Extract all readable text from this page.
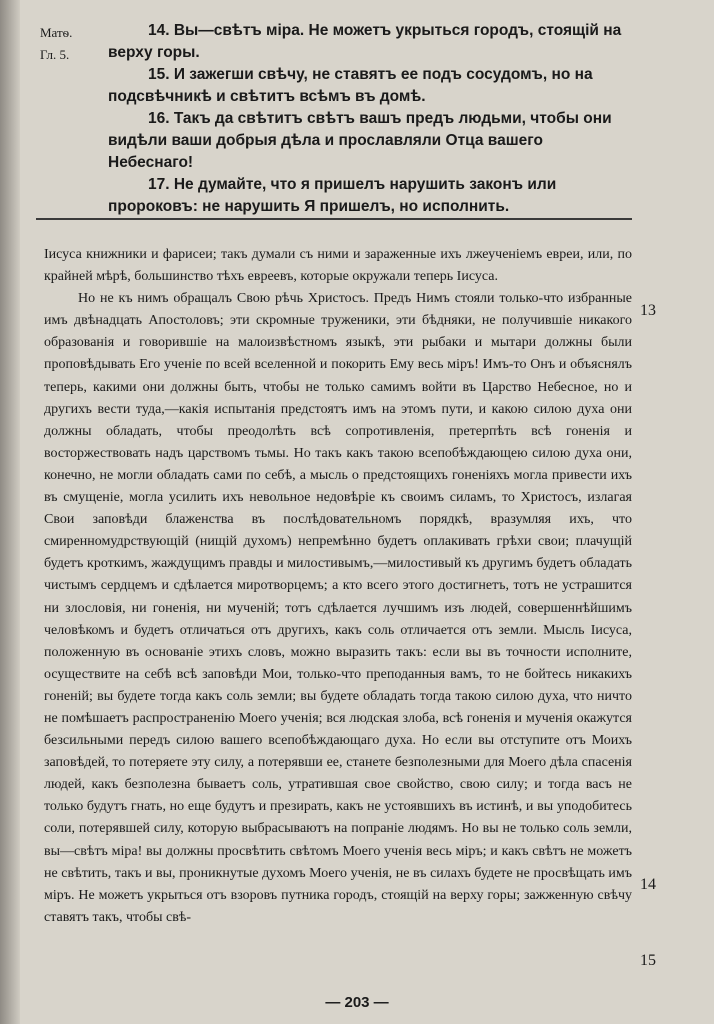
Матѳ.
Гл. 5.

14. Вы—свѣтъ міра. Не можетъ укрыться городъ, стоящій на верху горы.

15. И зажегши свѣчу, не ставятъ ее подъ сосудомъ, но на подсвѣчникѣ и свѣтитъ всѣмъ въ домѣ.

16. Такъ да свѣтитъ свѣтъ вашъ предъ людьми, чтобы они видѣли ваши добрыя дѣла и прославляли Отца вашего Небеснаго!

17. Не думайте, что я пришелъ нарушить законъ или пророковъ: не нарушить Я пришелъ, но исполнить.

Іисуса книжники и фарисеи; такъ думали съ ними и зараженные ихъ лжеученіемъ евреи, или, по крайней мѣрѣ, большинство тѣхъ евреевъ, которые окружали теперь Іисуса.

Но не къ нимъ обращалъ Свою рѣчь Христосъ. Предъ Нимъ стояли только-что избранные имъ двѣнадцать Апостоловъ; эти скромные труженики, эти бѣдняки, не получившіе никакого образованія и говорившіе на малоизвѣстномъ языкѣ, эти рыбаки и мытари должны были проповѣдывать Его ученіе по всей вселенной и покорить Ему весь міръ! Имъ-то Онъ и объяснялъ теперь, какими они должны быть, чтобы не только самимъ войти въ Царство Небесное, но и другихъ вести туда,—какія испытанія предстоятъ имъ на этомъ пути, и какою силою духа они должны обладать, чтобы преодолѣть всѣ сопротивленія, претерпѣть всѣ гоненія и восторжествовать надъ царствомъ тьмы. Но такъ какъ такою всепобѣждающею силою духа они, конечно, не могли обладать сами по себѣ, а мысль о предстоящихъ гоненіяхъ могла привести ихъ въ смущеніе, могла усилить ихъ невольное недовѣріе къ своимъ силамъ, то Христосъ, излагая Свои заповѣди блаженства въ послѣдовательномъ порядкѣ, вразумляя ихъ, что смиренномудрствующій (нищій духомъ) непремѣнно будетъ оплакивать грѣхи свои; плачущій будетъ кроткимъ, жаждущимъ правды и милостивымъ,—милостивый къ другимъ будетъ обладать чистымъ сердцемъ и сдѣлается миротворцемъ; а кто всего этого достигнетъ, тотъ не устрашится ни злословія, ни гоненія, ни мученій; тотъ сдѣлается лучшимъ изъ людей, совершеннѣйшимъ человѣкомъ и будетъ отличаться отъ другихъ, какъ соль отличается отъ земли. Мысль Іисуса, положенную въ основаніе этихъ словъ, можно выразить такъ: если вы въ точности исполните, осуществите на себѣ всѣ заповѣди Мои, только-что преподанныя вамъ, то не бойтесь никакихъ гоненій; вы будете тогда какъ соль земли; вы будете обладать тогда такою силою духа, что ничто не помѣшаетъ распространенію Моего ученія; вся людская злоба, всѣ гоненія и мученія окажутся безсильными передъ силою вашего всепобѣждающаго духа. Но если вы отступите отъ Моихъ заповѣдей, то потеряете эту силу, а потерявши ее, станете безполезными для Моего дѣла спасенія людей, какъ безполезна бываетъ соль, утратившая свое свойство, свою силу; и тогда васъ не только будутъ гнать, но еще будутъ и презирать, какъ не устоявшихъ въ истинѣ, и вы уподобитесь соли, потерявшей силу, которую выбрасываютъ на попраніе людямъ. Но вы не только соль земли, вы—свѣтъ міра! вы должны просвѣтить свѣтомъ Моего ученія весь міръ; и какъ свѣтъ не можетъ не свѣтить, такъ и вы, проникнутые духомъ Моего ученія, не въ силахъ будете не просвѣщать имъ міръ. Не можетъ укрыться отъ взоровъ путника городъ, стоящій на верху горы; зажженную свѣчу ставятъ такъ, чтобы свѣ-

13
14
15
— 203 —
